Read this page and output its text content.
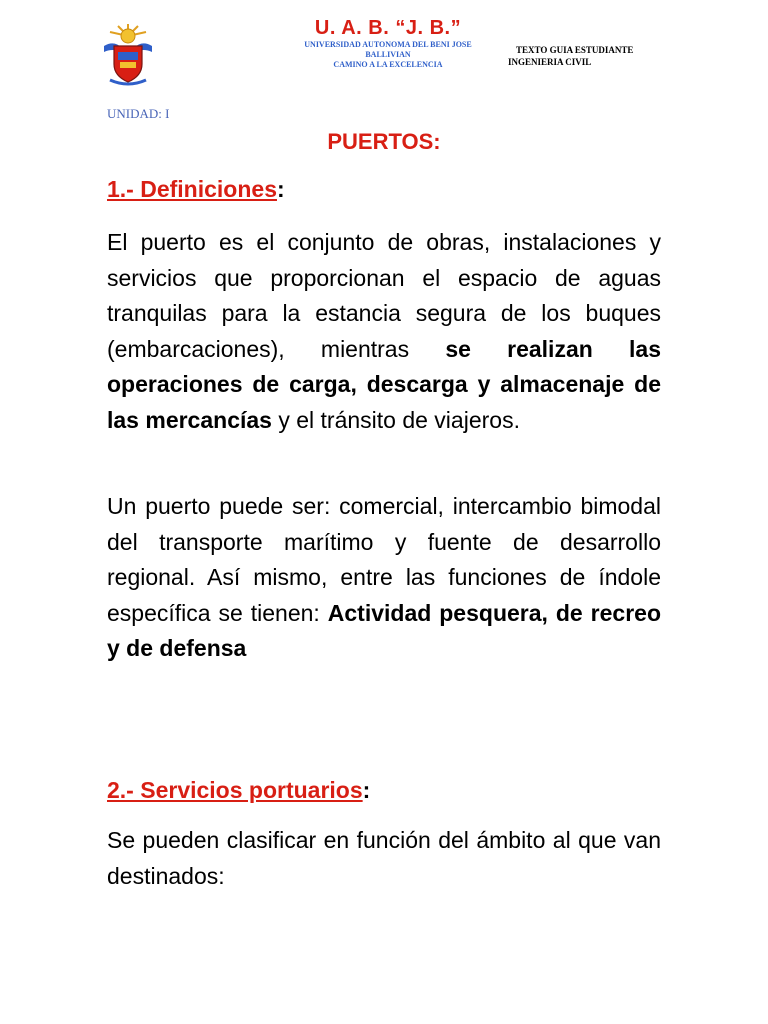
U. A. B. “J. B.”
UNIVERSIDAD AUTONOMA DEL BENI JOSE
BALLIVIAN
CAMINO A LA EXCELENCIA
TEXTO GUIA ESTUDIANTE
INGENIERIA CIVIL
UNIDAD: I
PUERTOS:
1.- Definiciones:
El puerto es el conjunto de obras, instalaciones y servicios que proporcionan el espacio de aguas tranquilas para la estancia segura de los buques (embarcaciones), mientras se realizan las operaciones de carga, descarga y almacenaje de las mercancías y el tránsito de viajeros.
Un puerto puede ser: comercial, intercambio bimodal del transporte marítimo y fuente de desarrollo regional. Así mismo, entre las funciones de índole específica se tienen: Actividad pesquera, de recreo y de defensa
2.- Servicios portuarios:
Se pueden clasificar en función del ámbito al que van destinados:
